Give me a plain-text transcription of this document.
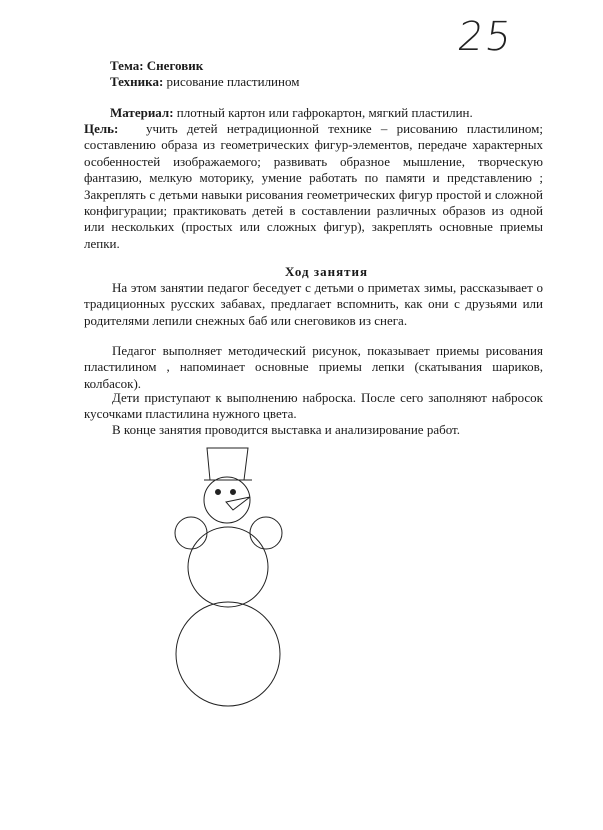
25
Тема: Снеговик
Техника: рисование пластилином
Материал: плотный картон или гафрокартон, мягкий пластилин.
Цель: учить детей нетрадиционной технике – рисованию пластилином; составлению образа из геометрических фигур-элементов, передаче характерных особенностей изображаемого; развивать образное мышление, творческую фантазию, мелкую моторику, умение работать по памяти и представлению ; Закреплять с детьми навыки рисования геометрических фигур простой и сложной конфигурации; практиковать детей в составлении различных образов из одной или нескольких (простых или сложных фигур), закреплять основные приемы лепки.
Ход занятия
На этом занятии педагог беседует с детьми о приметах зимы, рассказывает о традиционных русских забавах, предлагает вспомнить, как они с друзьями или родителями лепили снежных баб или снеговиков из снега.
Педагог выполняет методический рисунок, показывает приемы рисования пластилином , напоминает основные приемы лепки (скатывания шариков, колбасок).
Дети приступают к выполнению наброска. После сего заполняют набросок кусочками пластилина нужного цвета.
В конце занятия проводится выставка и анализирование работ.
